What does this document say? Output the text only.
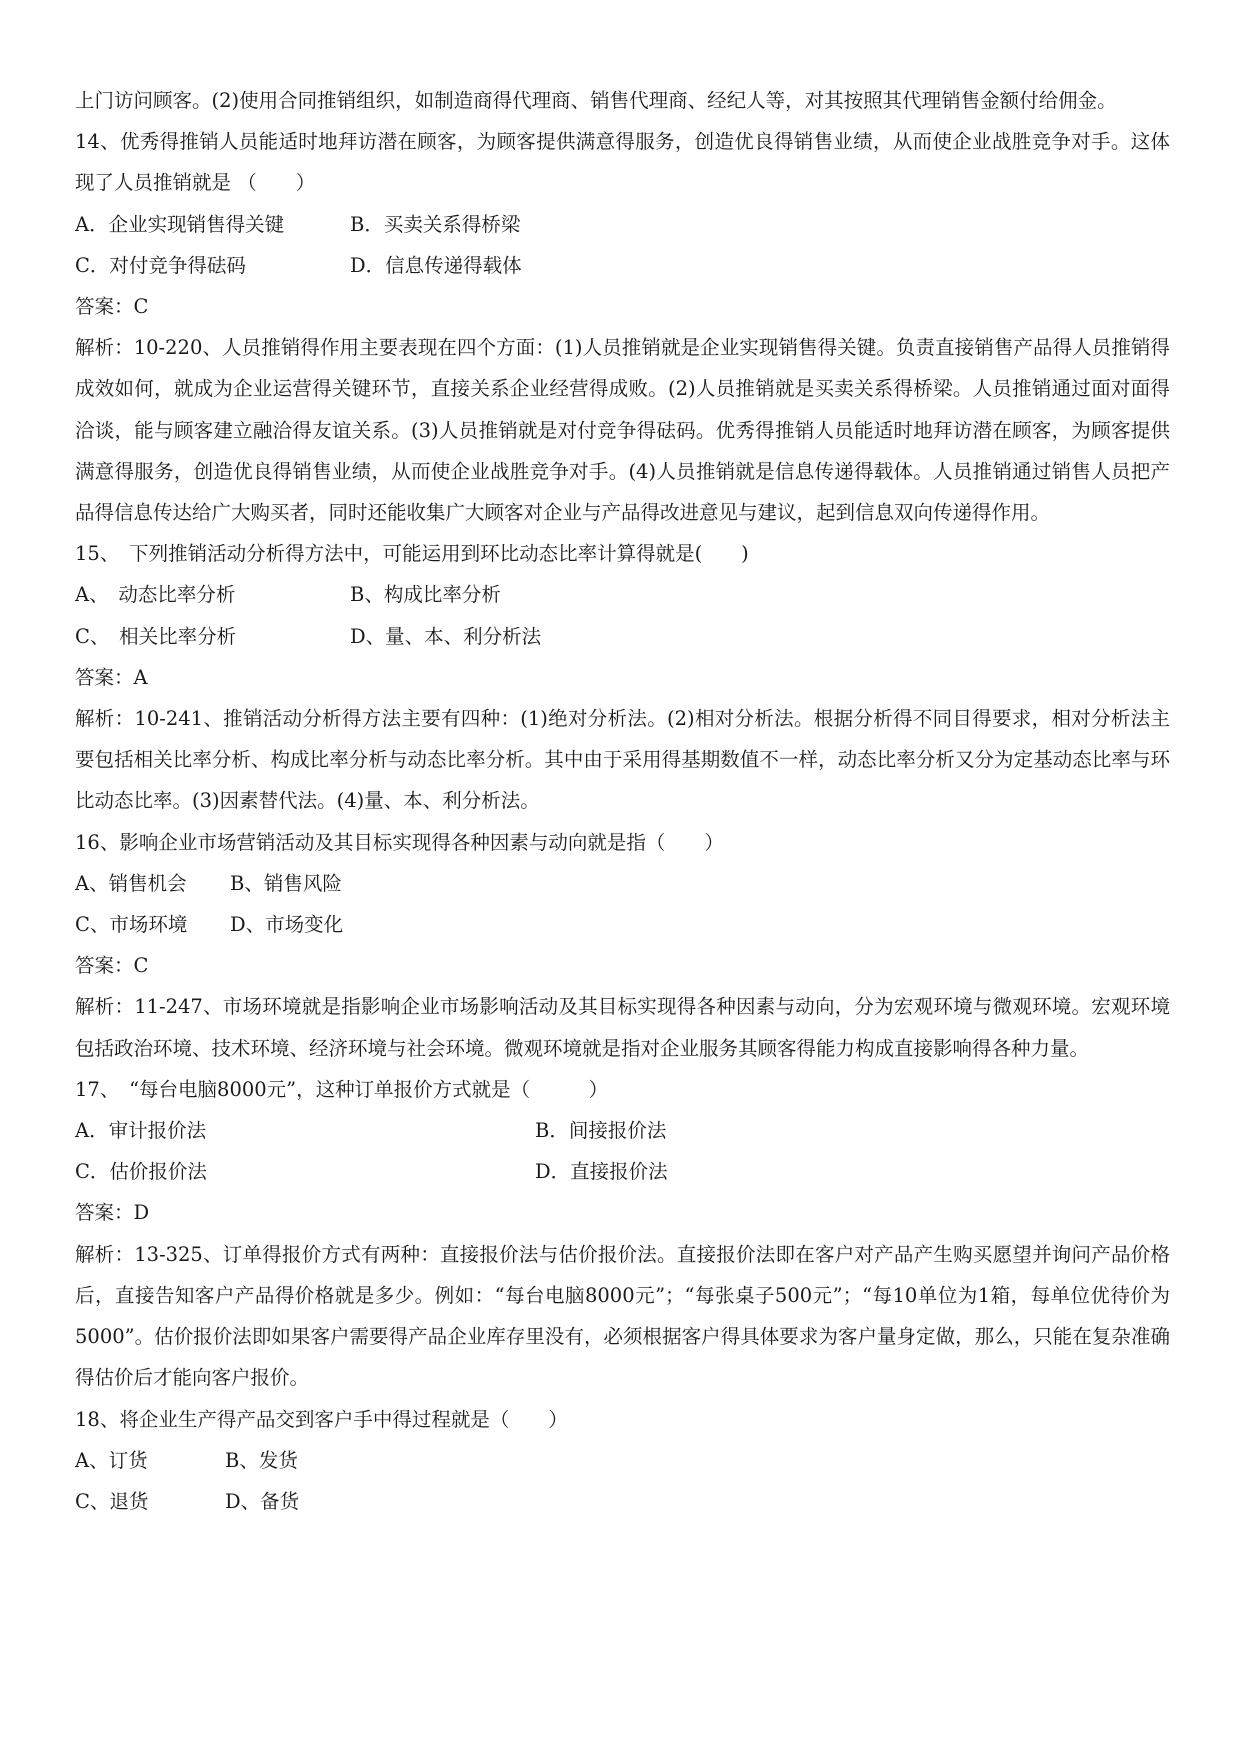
上门访问顾客。(2)使用合同推销组织，如制造商得代理商、销售代理商、经纪人等，对其按照其代理销售金额付给佣金。

14、优秀得推销人员能适时地拜访潜在顾客，为顾客提供满意得服务，创造优良得销售业绩，从而使企业战胜竞争对手。这体现了人员推销就是 （　　）

A．企业实现销售得关键	B．买卖关系得桥梁

C．对付竞争得砝码	D．信息传递得载体

答案：C

解析：10-220、人员推销得作用主要表现在四个方面：(1)人员推销就是企业实现销售得关键。负责直接销售产品得人员推销得成效如何，就成为企业运营得关键环节，直接关系企业经营得成败。(2)人员推销就是买卖关系得桥梁。人员推销通过面对面得洽谈，能与顾客建立融洽得友谊关系。(3)人员推销就是对付竞争得砝码。优秀得推销人员能适时地拜访潜在顾客，为顾客提供满意得服务，创造优良得销售业绩，从而使企业战胜竞争对手。(4)人员推销就是信息传递得载体。人员推销通过销售人员把产品得信息传达给广大购买者，同时还能收集广大顾客对企业与产品得改进意见与建议，起到信息双向传递得作用。

15、　下列推销活动分析得方法中，可能运用到环比动态比率计算得就是(　　)

A、　动态比率分析	B、构成比率分析

C、　相关比率分析	D、量、本、利分析法

答案：A

解析：10-241、推销活动分析得方法主要有四种：(1)绝对分析法。(2)相对分析法。根据分析得不同目得要求，相对分析法主要包括相关比率分析、构成比率分析与动态比率分析。其中由于采用得基期数值不一样，动态比率分析又分为定基动态比率与环比动态比率。(3)因素替代法。(4)量、本、利分析法。

16、影响企业市场营销活动及其目标实现得各种因素与动向就是指（　　）

A、销售机会	B、销售风险

C、市场环境	D、市场变化

答案：C

解析：11-247、市场环境就是指影响企业市场影响活动及其目标实现得各种因素与动向，分为宏观环境与微观环境。宏观环境包括政治环境、技术环境、经济环境与社会环境。微观环境就是指对企业服务其顾客得能力构成直接影响得各种力量。

17、　“每台电脑8000元”，这种订单报价方式就是（　　　）

A．审计报价法	B．间接报价法

C．估价报价法	D．直接报价法

答案：D

解析：13-325、订单得报价方式有两种：直接报价法与估价报价法。直接报价法即在客户对产品产生购买愿望并询问产品价格后，直接告知客户产品得价格就是多少。例如：“每台电脑8000元”；“每张桌子500元”；“每10单位为1箱，每单位优待价为5000”。估价报价法即如果客户需要得产品企业库存里没有，必须根据客户得具体要求为客户量身定做，那么，只能在复杂准确得估价后才能向客户报价。

18、将企业生产得产品交到客户手中得过程就是（　　）

A、订货	B、发货

C、退货	D、备货
